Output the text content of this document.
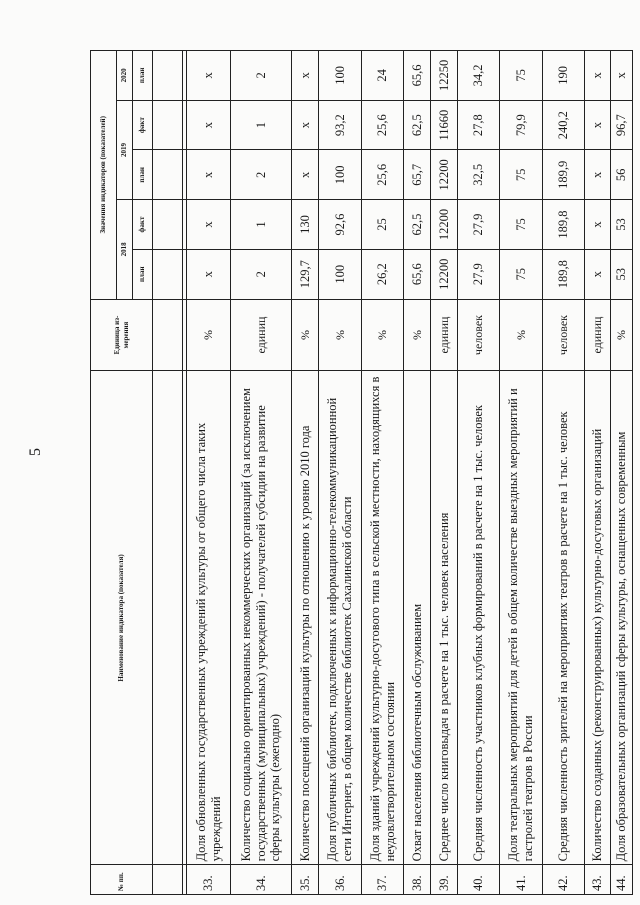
5
№ пп.	Наименование индикатора (показателя)	Единица из-мерения	Значения индикаторов (показателей)				
			2018		2019		2020
			план	факт	план	факт	план

33.	Доля обновленных государственных учреждений культуры от общего числа таких учреждений	%	х	х	х	х	х
34.	Количество социально ориентированных некоммерческих организаций (за исключением государственных (муниципальных) учреждений) - получателей субсидии на развитие сферы культуры (ежегодно)	единиц	2	1	2	1	2
35.	Количество посещений организаций культуры по отношению к уровню 2010 года	%	129,7	130	х	х	х
36.	Доля публичных библиотек, подключенных к информационно-телекоммуникационной сети Интернет, в общем количестве библиотек Сахалинской области	%	100	92,6	100	93,2	100
37.	Доля зданий учреждений культурно-досугового типа в сельской местности, находящихся в неудовлетворительном состоянии	%	26,2	25	25,6	25,6	24
38.	Охват населения библиотечным обслуживанием	%	65,6	62,5	65,7	62,5	65,6
39.	Среднее число книговыдач в расчете на 1 тыс. человек населения	единиц	12200	12200	12200	11660	12250
40.	Средняя численность участников клубных формирований в расчете на 1 тыс. человек	человек	27,9	27,9	32,5	27,8	34,2
41.	Доля театральных мероприятий для детей в общем количестве выездных мероприятий и гастролей театров в России	%	75	75	75	79,9	75
42.	Средняя численность зрителей на мероприятиях театров в расчете на 1 тыс. человек	человек	189,8	189,8	189,9	240,2	190
43.	Количество созданных (реконструированных) культурно-досуговых организаций	единиц	х	х	х	х	х
44.	Доля образовательных организаций сферы культуры, оснащенных современным	%	53	53	56	96,7	х
